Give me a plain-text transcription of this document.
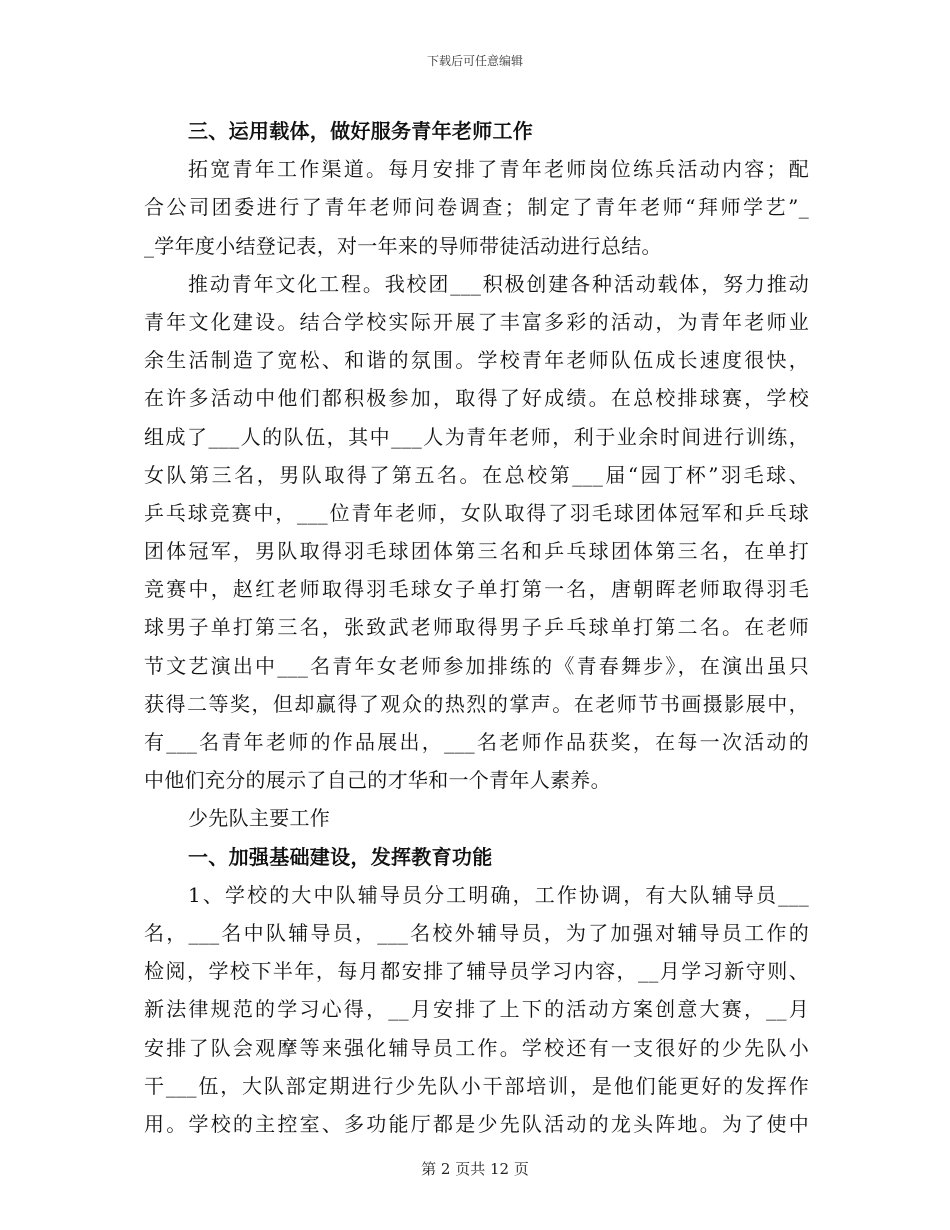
下载后可任意编辑
三、运用载体，做好服务青年老师工作
拓宽青年工作渠道。每月安排了青年老师岗位练兵活动内容；配
合公司团委进行了青年老师问卷调查；制定了青年老师“拜师学艺”_
_学年度小结登记表，对一年来的导师带徒活动进行总结。
推动青年文化工程。我校团___积极创建各种活动载体，努力推动
青年文化建设。结合学校实际开展了丰富多彩的活动，为青年老师业
余生活制造了宽松、和谐的氛围。学校青年老师队伍成长速度很快，
在许多活动中他们都积极参加，取得了好成绩。在总校排球赛，学校
组成了___人的队伍，其中___人为青年老师，利于业余时间进行训练，
女队第三名，男队取得了第五名。在总校第___届“园丁杯”羽毛球、
乒乓球竞赛中，___位青年老师，女队取得了羽毛球团体冠军和乒乓球
团体冠军，男队取得羽毛球团体第三名和乒乓球团体第三名，在单打
竞赛中，赵红老师取得羽毛球女子单打第一名，唐朝晖老师取得羽毛
球男子单打第三名，张致武老师取得男子乒乓球单打第二名。在老师
节文艺演出中___名青年女老师参加排练的《青春舞步》，在演出虽只
获得二等奖，但却赢得了观众的热烈的掌声。在老师节书画摄影展中，
有___名青年老师的作品展出，___名老师作品获奖，在每一次活动的
中他们充分的展示了自己的才华和一个青年人素养。
少先队主要工作
一、加强基础建设，发挥教育功能
1、学校的大中队辅导员分工明确，工作协调，有大队辅导员___
名，___名中队辅导员，___名校外辅导员，为了加强对辅导员工作的
检阅，学校下半年，每月都安排了辅导员学习内容，__月学习新守则、
新法律规范的学习心得，__月安排了上下的活动方案创意大赛，__月
安排了队会观摩等来强化辅导员工作。学校还有一支很好的少先队小
干___伍，大队部定期进行少先队小干部培训，是他们能更好的发挥作
用。学校的主控室、多功能厅都是少先队活动的龙头阵地。为了使中
第 2 页共 12 页
